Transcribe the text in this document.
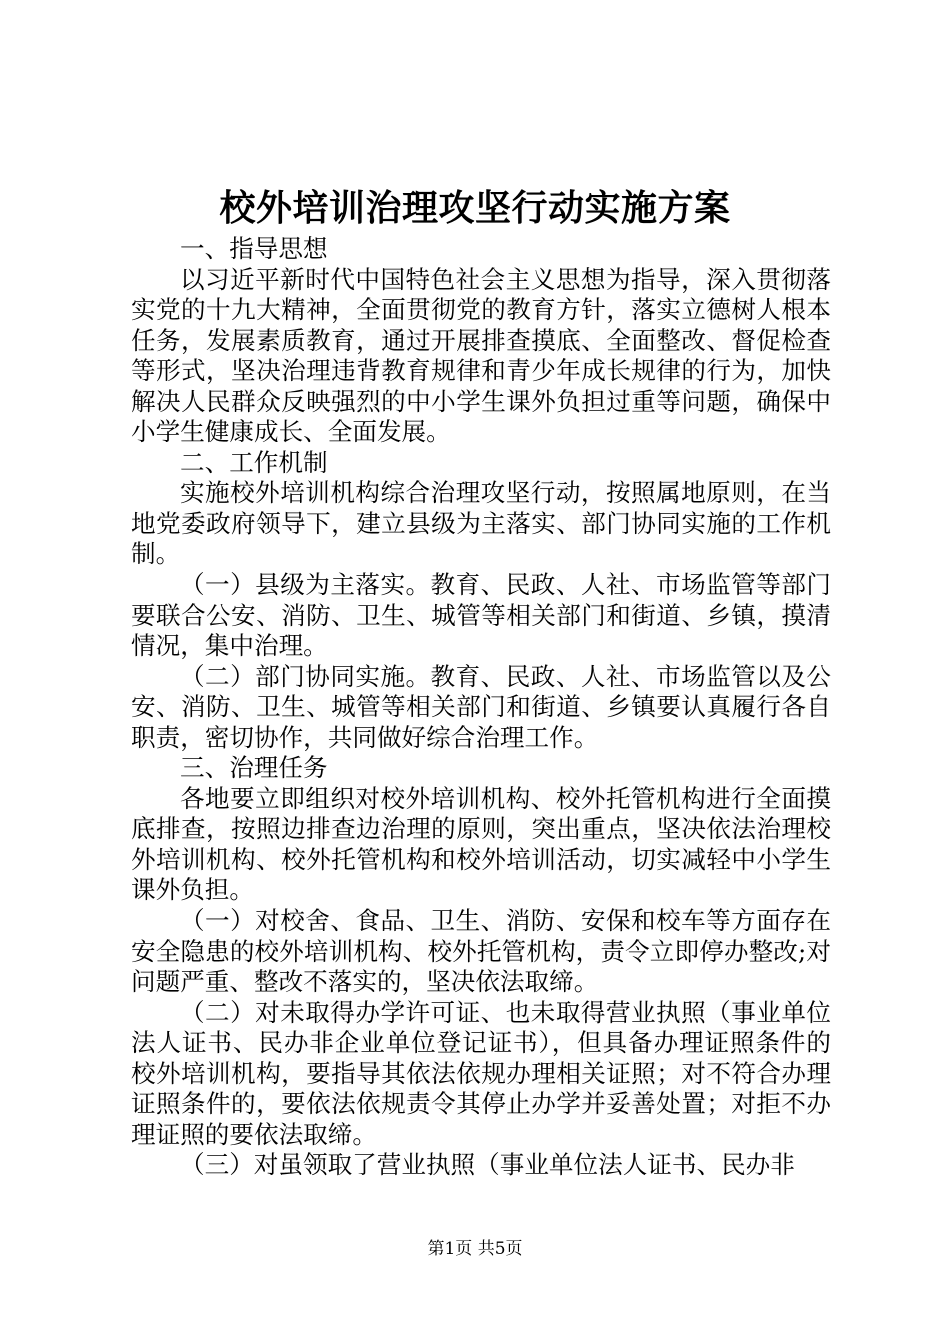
校外培训治理攻坚行动实施方案

一、指导思想

以习近平新时代中国特色社会主义思想为指导，深入贯彻落实党的十九大精神，全面贯彻党的教育方针，落实立德树人根本任务，发展素质教育，通过开展排查摸底、全面整改、督促检查等形式，坚决治理违背教育规律和青少年成长规律的行为，加快解决人民群众反映强烈的中小学生课外负担过重等问题，确保中小学生健康成长、全面发展。

二、工作机制

实施校外培训机构综合治理攻坚行动，按照属地原则，在当地党委政府领导下，建立县级为主落实、部门协同实施的工作机制。

（一）县级为主落实。教育、民政、人社、市场监管等部门要联合公安、消防、卫生、城管等相关部门和街道、乡镇，摸清情况，集中治理。

（二）部门协同实施。教育、民政、人社、市场监管以及公安、消防、卫生、城管等相关部门和街道、乡镇要认真履行各自职责，密切协作，共同做好综合治理工作。

三、治理任务

各地要立即组织对校外培训机构、校外托管机构进行全面摸底排查，按照边排查边治理的原则，突出重点，坚决依法治理校外培训机构、校外托管机构和校外培训活动，切实减轻中小学生课外负担。

（一）对校舍、食品、卫生、消防、安保和校车等方面存在安全隐患的校外培训机构、校外托管机构，责令立即停办整改;对问题严重、整改不落实的，坚决依法取缔。

（二）对未取得办学许可证、也未取得营业执照（事业单位法人证书、民办非企业单位登记证书），但具备办理证照条件的校外培训机构，要指导其依法依规办理相关证照；对不符合办理证照条件的，要依法依规责令其停止办学并妥善处置；对拒不办理证照的要依法取缔。

（三）对虽领取了营业执照（事业单位法人证书、民办非

第1页 共5页
